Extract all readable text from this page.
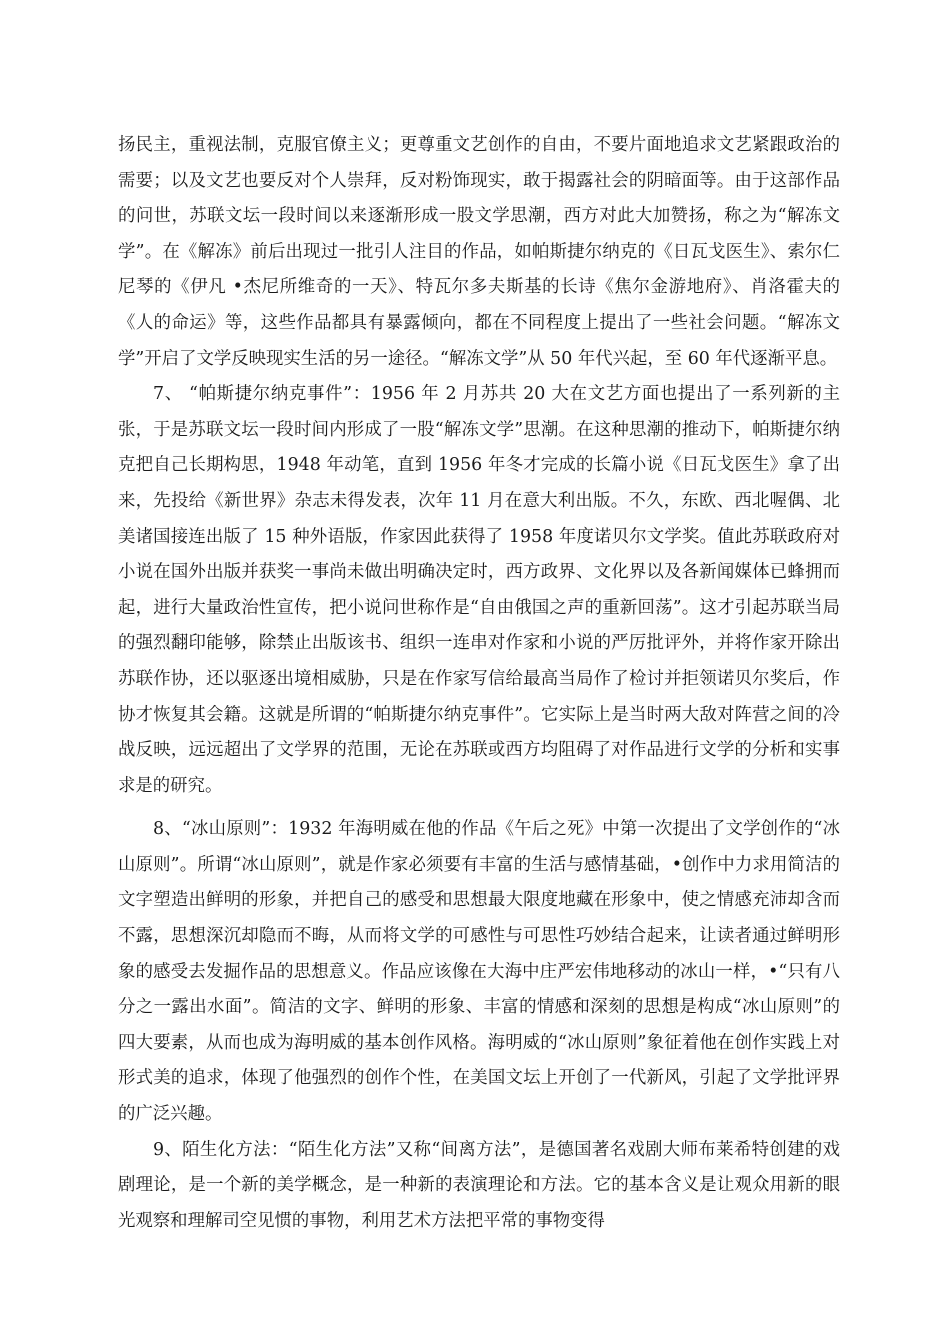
扬民主，重视法制，克服官僚主义；更尊重文艺创作的自由，不要片面地追求文艺紧跟政治的需要；以及文艺也要反对个人崇拜，反对粉饰现实，敢于揭露社会的阴暗面等。由于这部作品的问世，苏联文坛一段时间以来逐渐形成一股文学思潮，西方对此大加赞扬，称之为“解冻文学”。在《解冻》前后出现过一批引人注目的作品，如帕斯捷尔纳克的《日瓦戈医生》、索尔仁尼琴的《伊凡 •杰尼所维奇的一天》、特瓦尔多夫斯基的长诗《焦尔金游地府》、肖洛霍夫的《人的命运》等，这些作品都具有暴露倾向，都在不同程度上提出了一些社会问题。“解冻文学”开启了文学反映现实生活的另一途径。“解冻文学”从 50 年代兴起，至 60 年代逐渐平息。

7、 “帕斯捷尔纳克事件”：1956 年 2 月苏共 20 大在文艺方面也提出了一系列新的主张，于是苏联文坛一段时间内形成了一股“解冻文学”思潮。在这种思潮的推动下，帕斯捷尔纳克把自己长期构思，1948 年动笔，直到 1956 年冬才完成的长篇小说《日瓦戈医生》拿了出来，先投给《新世界》杂志未得发表，次年 11 月在意大利出版。不久，东欧、西北喔偶、北美诸国接连出版了 15 种外语版，作家因此获得了 1958 年度诺贝尔文学奖。值此苏联政府对小说在国外出版并获奖一事尚未做出明确决定时，西方政界、文化界以及各新闻媒体已蜂拥而起，进行大量政治性宣传，把小说问世称作是“自由俄国之声的重新回荡”。这才引起苏联当局的强烈翻印能够，除禁止出版该书、组织一连串对作家和小说的严厉批评外，并将作家开除出苏联作协，还以驱逐出境相威胁，只是在作家写信给最高当局作了检讨并拒领诺贝尔奖后，作协才恢复其会籍。这就是所谓的“帕斯捷尔纳克事件”。它实际上是当时两大敌对阵营之间的冷战反映，远远超出了文学界的范围，无论在苏联或西方均阻碍了对作品进行文学的分析和实事求是的研究。

8、“冰山原则”：1932 年海明威在他的作品《午后之死》中第一次提出了文学创作的“冰山原则”。所谓“冰山原则”，就是作家必须要有丰富的生活与感情基础，•创作中力求用简洁的文字塑造出鲜明的形象，并把自己的感受和思想最大限度地藏在形象中，使之情感充沛却含而不露，思想深沉却隐而不晦，从而将文学的可感性与可思性巧妙结合起来，让读者通过鲜明形象的感受去发掘作品的思想意义。作品应该像在大海中庄严宏伟地移动的冰山一样，•“只有八分之一露出水面”。简洁的文字、鲜明的形象、丰富的情感和深刻的思想是构成“冰山原则”的四大要素，从而也成为海明威的基本创作风格。海明威的“冰山原则”象征着他在创作实践上对形式美的追求，体现了他强烈的创作个性，在美国文坛上开创了一代新风，引起了文学批评界的广泛兴趣。

9、陌生化方法：“陌生化方法”又称“间离方法”，是德国著名戏剧大师布莱希特创建的戏剧理论，是一个新的美学概念，是一种新的表演理论和方法。它的基本含义是让观众用新的眼光观察和理解司空见惯的事物，利用艺术方法把平常的事物变得
